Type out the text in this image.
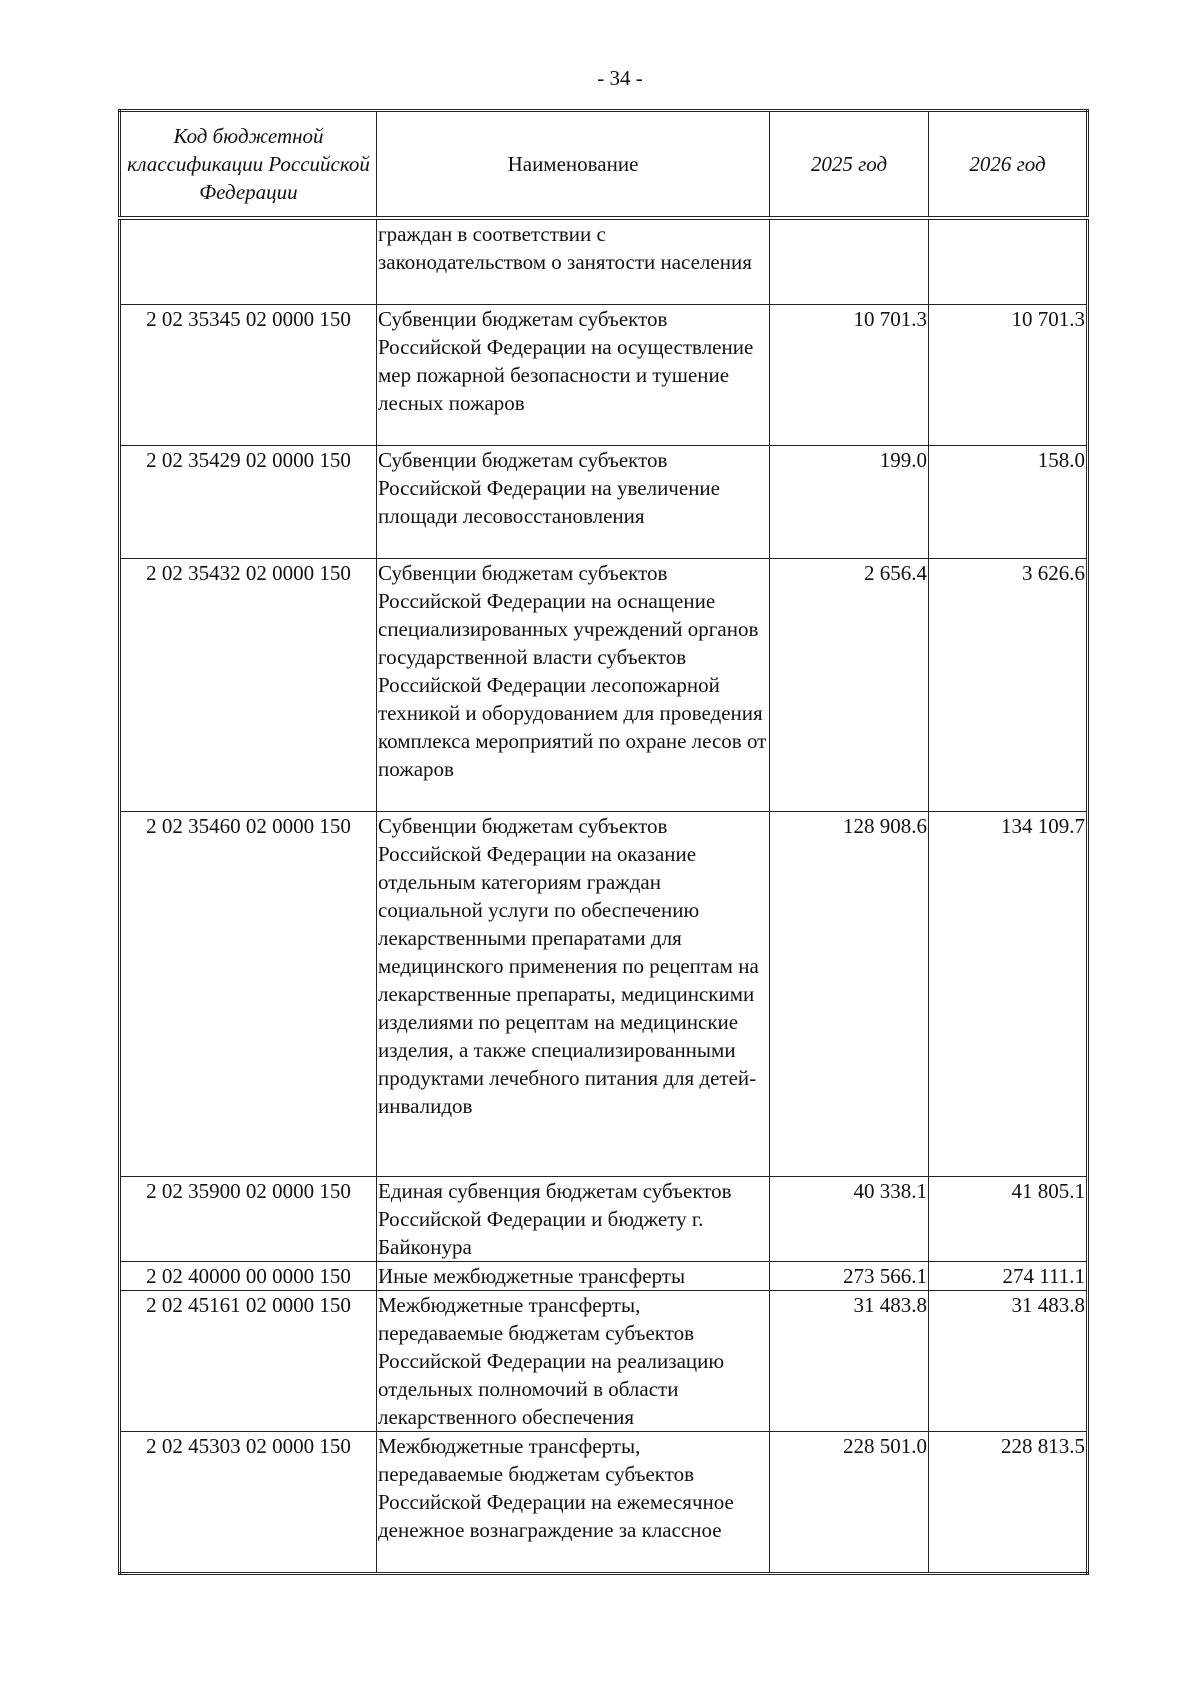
- 34 -
Код бюджетной классификации Российской Федерации	Наименование	2025 год	2026 год
	граждан в соответствии с законодательством о занятости населения		
2 02 35345 02 0000 150	Субвенции бюджетам субъектов Российской Федерации на осуществление мер пожарной безопасности и тушение лесных пожаров	10 701.3	10 701.3
2 02 35429 02 0000 150	Субвенции бюджетам субъектов Российской Федерации на увеличение площади лесовосстановления	199.0	158.0
2 02 35432 02 0000 150	Субвенции бюджетам субъектов Российской Федерации на оснащение специализированных учреждений органов государственной власти субъектов Российской Федерации лесопожарной техникой и оборудованием для проведения комплекса мероприятий по охране лесов от пожаров	2 656.4	3 626.6
2 02 35460 02 0000 150	Субвенции бюджетам субъектов Российской Федерации на оказание отдельным категориям граждан социальной услуги по обеспечению лекарственными препаратами для медицинского применения по рецептам на лекарственные препараты, медицинскими изделиями по рецептам на медицинские изделия, а также специализированными продуктами лечебного питания для детей-инвалидов	128 908.6	134 109.7
2 02 35900 02 0000 150	Единая субвенция бюджетам субъектов Российской Федерации и бюджету г. Байконура	40 338.1	41 805.1
2 02 40000 00 0000 150	Иные межбюджетные трансферты	273 566.1	274 111.1
2 02 45161 02 0000 150	Межбюджетные трансферты, передаваемые бюджетам субъектов Российской Федерации на реализацию отдельных полномочий в области лекарственного обеспечения	31 483.8	31 483.8
2 02 45303 02 0000 150	Межбюджетные трансферты, передаваемые бюджетам субъектов Российской Федерации на ежемесячное денежное вознаграждение за классное	228 501.0	228 813.5
